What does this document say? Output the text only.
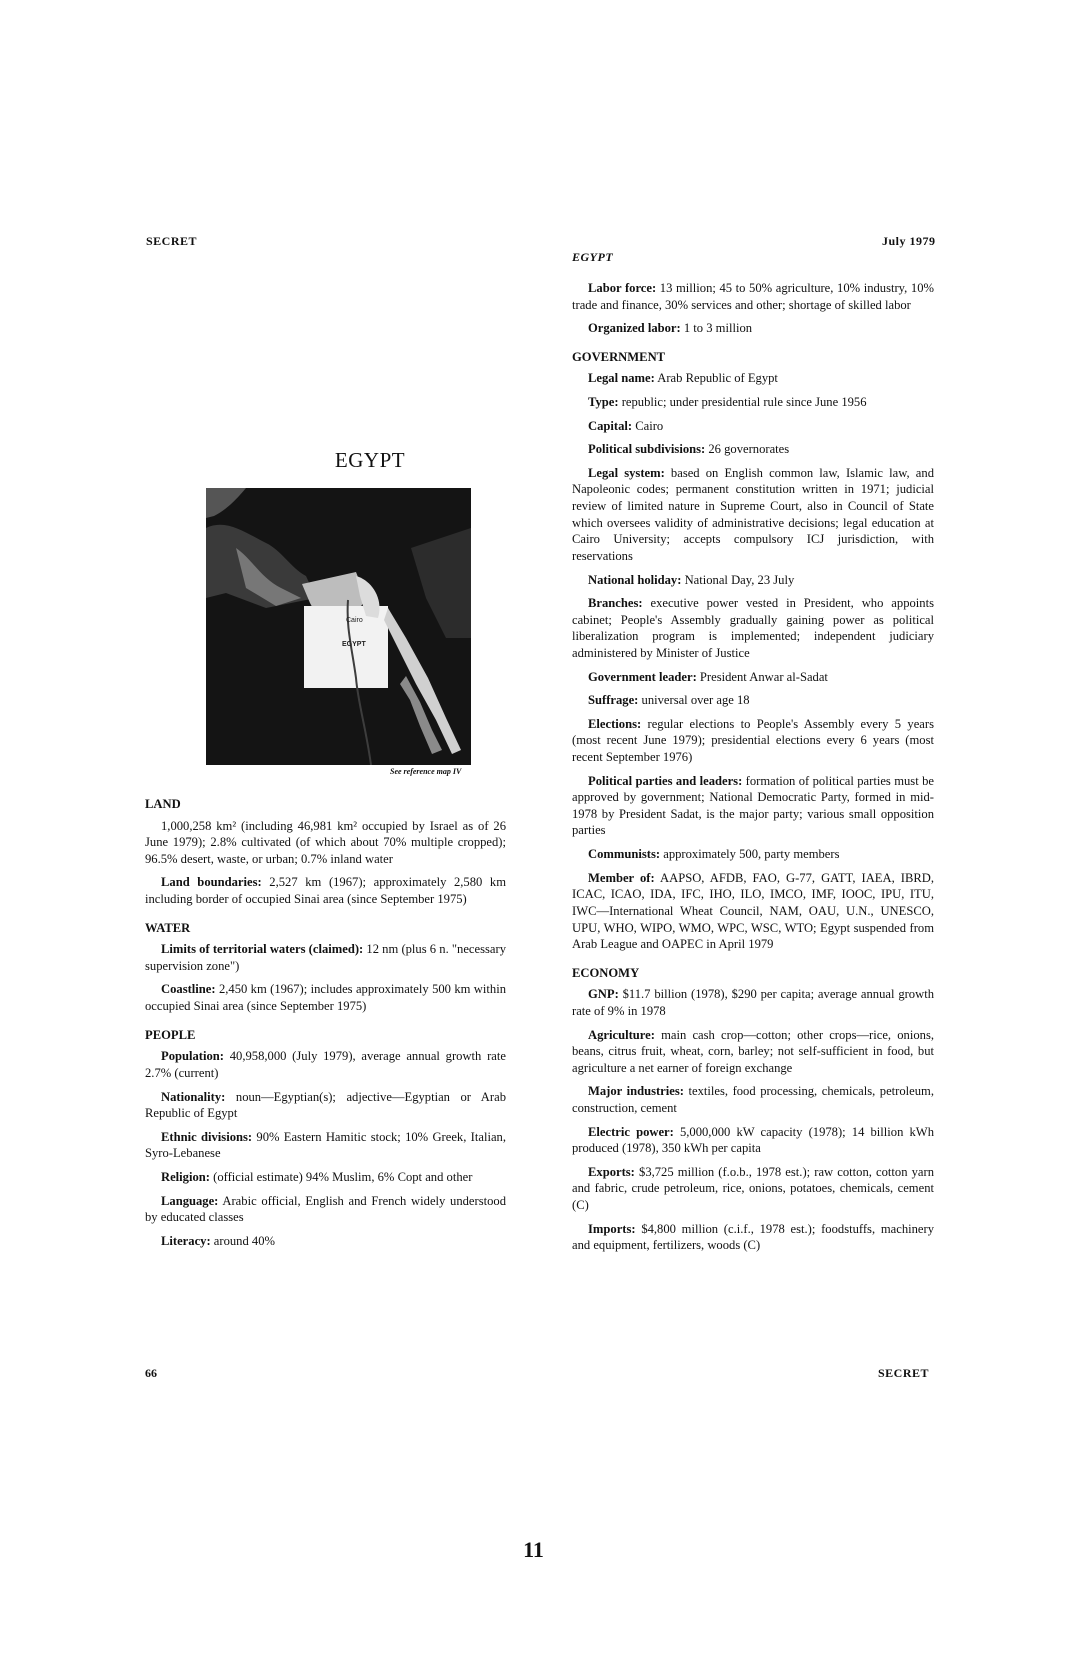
SECRET
EGYPT
July 1979
EGYPT
Cairo
EGYPT
See reference map IV
LAND

1,000,258 km² (including 46,981 km² occupied by Israel as of 26 June 1979); 2.8% cultivated (of which about 70% multiple cropped); 96.5% desert, waste, or urban; 0.7% inland water

Land boundaries: 2,527 km (1967); approximately 2,580 km including border of occupied Sinai area (since September 1975)

WATER

Limits of territorial waters (claimed): 12 nm (plus 6 n. "necessary supervision zone")

Coastline: 2,450 km (1967); includes approximately 500 km within occupied Sinai area (since September 1975)

PEOPLE

Population: 40,958,000 (July 1979), average annual growth rate 2.7% (current)

Nationality: noun—Egyptian(s); adjective—Egyptian or Arab Republic of Egypt

Ethnic divisions: 90% Eastern Hamitic stock; 10% Greek, Italian, Syro-Lebanese

Religion: (official estimate) 94% Muslim, 6% Copt and other

Language: Arabic official, English and French widely understood by educated classes

Literacy: around 40%

Labor force: 13 million; 45 to 50% agriculture, 10% industry, 10% trade and finance, 30% services and other; shortage of skilled labor

Organized labor: 1 to 3 million

GOVERNMENT

Legal name: Arab Republic of Egypt

Type: republic; under presidential rule since June 1956

Capital: Cairo

Political subdivisions: 26 governorates

Legal system: based on English common law, Islamic law, and Napoleonic codes; permanent constitution written in 1971; judicial review of limited nature in Supreme Court, also in Council of State which oversees validity of administrative decisions; legal education at Cairo University; accepts compulsory ICJ jurisdiction, with reservations

National holiday: National Day, 23 July

Branches: executive power vested in President, who appoints cabinet; People's Assembly gradually gaining power as political liberalization program is implemented; independent judiciary administered by Minister of Justice

Government leader: President Anwar al-Sadat

Suffrage: universal over age 18

Elections: regular elections to People's Assembly every 5 years (most recent June 1979); presidential elections every 6 years (most recent September 1976)

Political parties and leaders: formation of political parties must be approved by government; National Democratic Party, formed in mid-1978 by President Sadat, is the major party; various small opposition parties

Communists: approximately 500, party members

Member of: AAPSO, AFDB, FAO, G-77, GATT, IAEA, IBRD, ICAC, ICAO, IDA, IFC, IHO, ILO, IMCO, IMF, IOOC, IPU, ITU, IWC—International Wheat Council, NAM, OAU, U.N., UNESCO, UPU, WHO, WIPO, WMO, WPC, WSC, WTO; Egypt suspended from Arab League and OAPEC in April 1979

ECONOMY

GNP: $11.7 billion (1978), $290 per capita; average annual growth rate of 9% in 1978

Agriculture: main cash crop—cotton; other crops—rice, onions, beans, citrus fruit, wheat, corn, barley; not self-sufficient in food, but agriculture a net earner of foreign exchange

Major industries: textiles, food processing, chemicals, petroleum, construction, cement

Electric power: 5,000,000 kW capacity (1978); 14 billion kWh produced (1978), 350 kWh per capita

Exports: $3,725 million (f.o.b., 1978 est.); raw cotton, cotton yarn and fabric, crude petroleum, rice, onions, potatoes, chemicals, cement (C)

Imports: $4,800 million (c.i.f., 1978 est.); foodstuffs, machinery and equipment, fertilizers, woods (C)

66	SECRET
11
